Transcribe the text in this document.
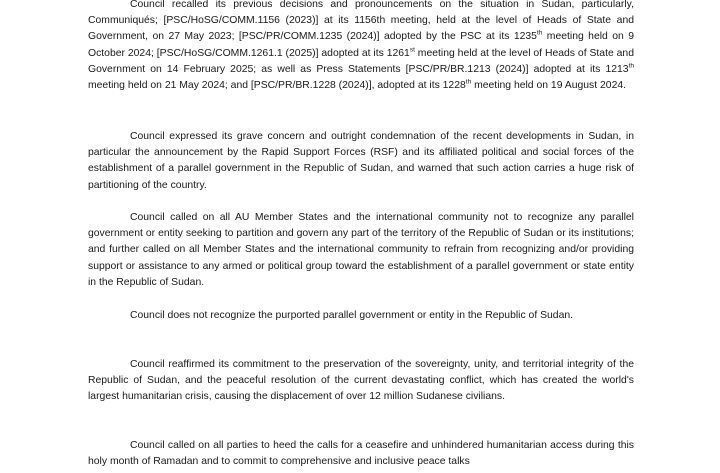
Council recalled its previous decisions and pronouncements on the situation in Sudan, particularly, Communiqués; [PSC/HoSG/COMM.1156 (2023)] at its 1156th meeting, held at the level of Heads of State and Government, on 27 May 2023; [PSC/PR/COMM.1235 (2024)] adopted by the PSC at its 1235th meeting held on 9 October 2024; [PSC/HoSG/COMM.1261.1 (2025)] adopted at its 1261st meeting held at the level of Heads of State and Government on 14 February 2025; as well as Press Statements [PSC/PR/BR.1213 (2024)] adopted at its 1213th meeting held on 21 May 2024; and [PSC/PR/BR.1228 (2024)], adopted at its 1228th meeting held on 19 August 2024.

Council expressed its grave concern and outright condemnation of the recent developments in Sudan, in particular the announcement by the Rapid Support Forces (RSF) and its affiliated political and social forces of the establishment of a parallel government in the Republic of Sudan, and warned that such action carries a huge risk of partitioning of the country.

Council called on all AU Member States and the international community not to recognize any parallel government or entity seeking to partition and govern any part of the territory of the Republic of Sudan or its institutions; and further called on all Member States and the international community to refrain from recognizing and/or providing support or assistance to any armed or political group toward the establishment of a parallel government or state entity in the Republic of Sudan.

Council does not recognize the purported parallel government or entity in the Republic of Sudan.

Council reaffirmed its commitment to the preservation of the sovereignty, unity, and territorial integrity of the Republic of Sudan, and the peaceful resolution of the current devastating conflict, which has created the world's largest humanitarian crisis, causing the displacement of over 12 million Sudanese civilians.

Council called on all parties to heed the calls for a ceasefire and unhindered humanitarian access during this holy month of Ramadan and to commit to comprehensive and inclusive peace talks
